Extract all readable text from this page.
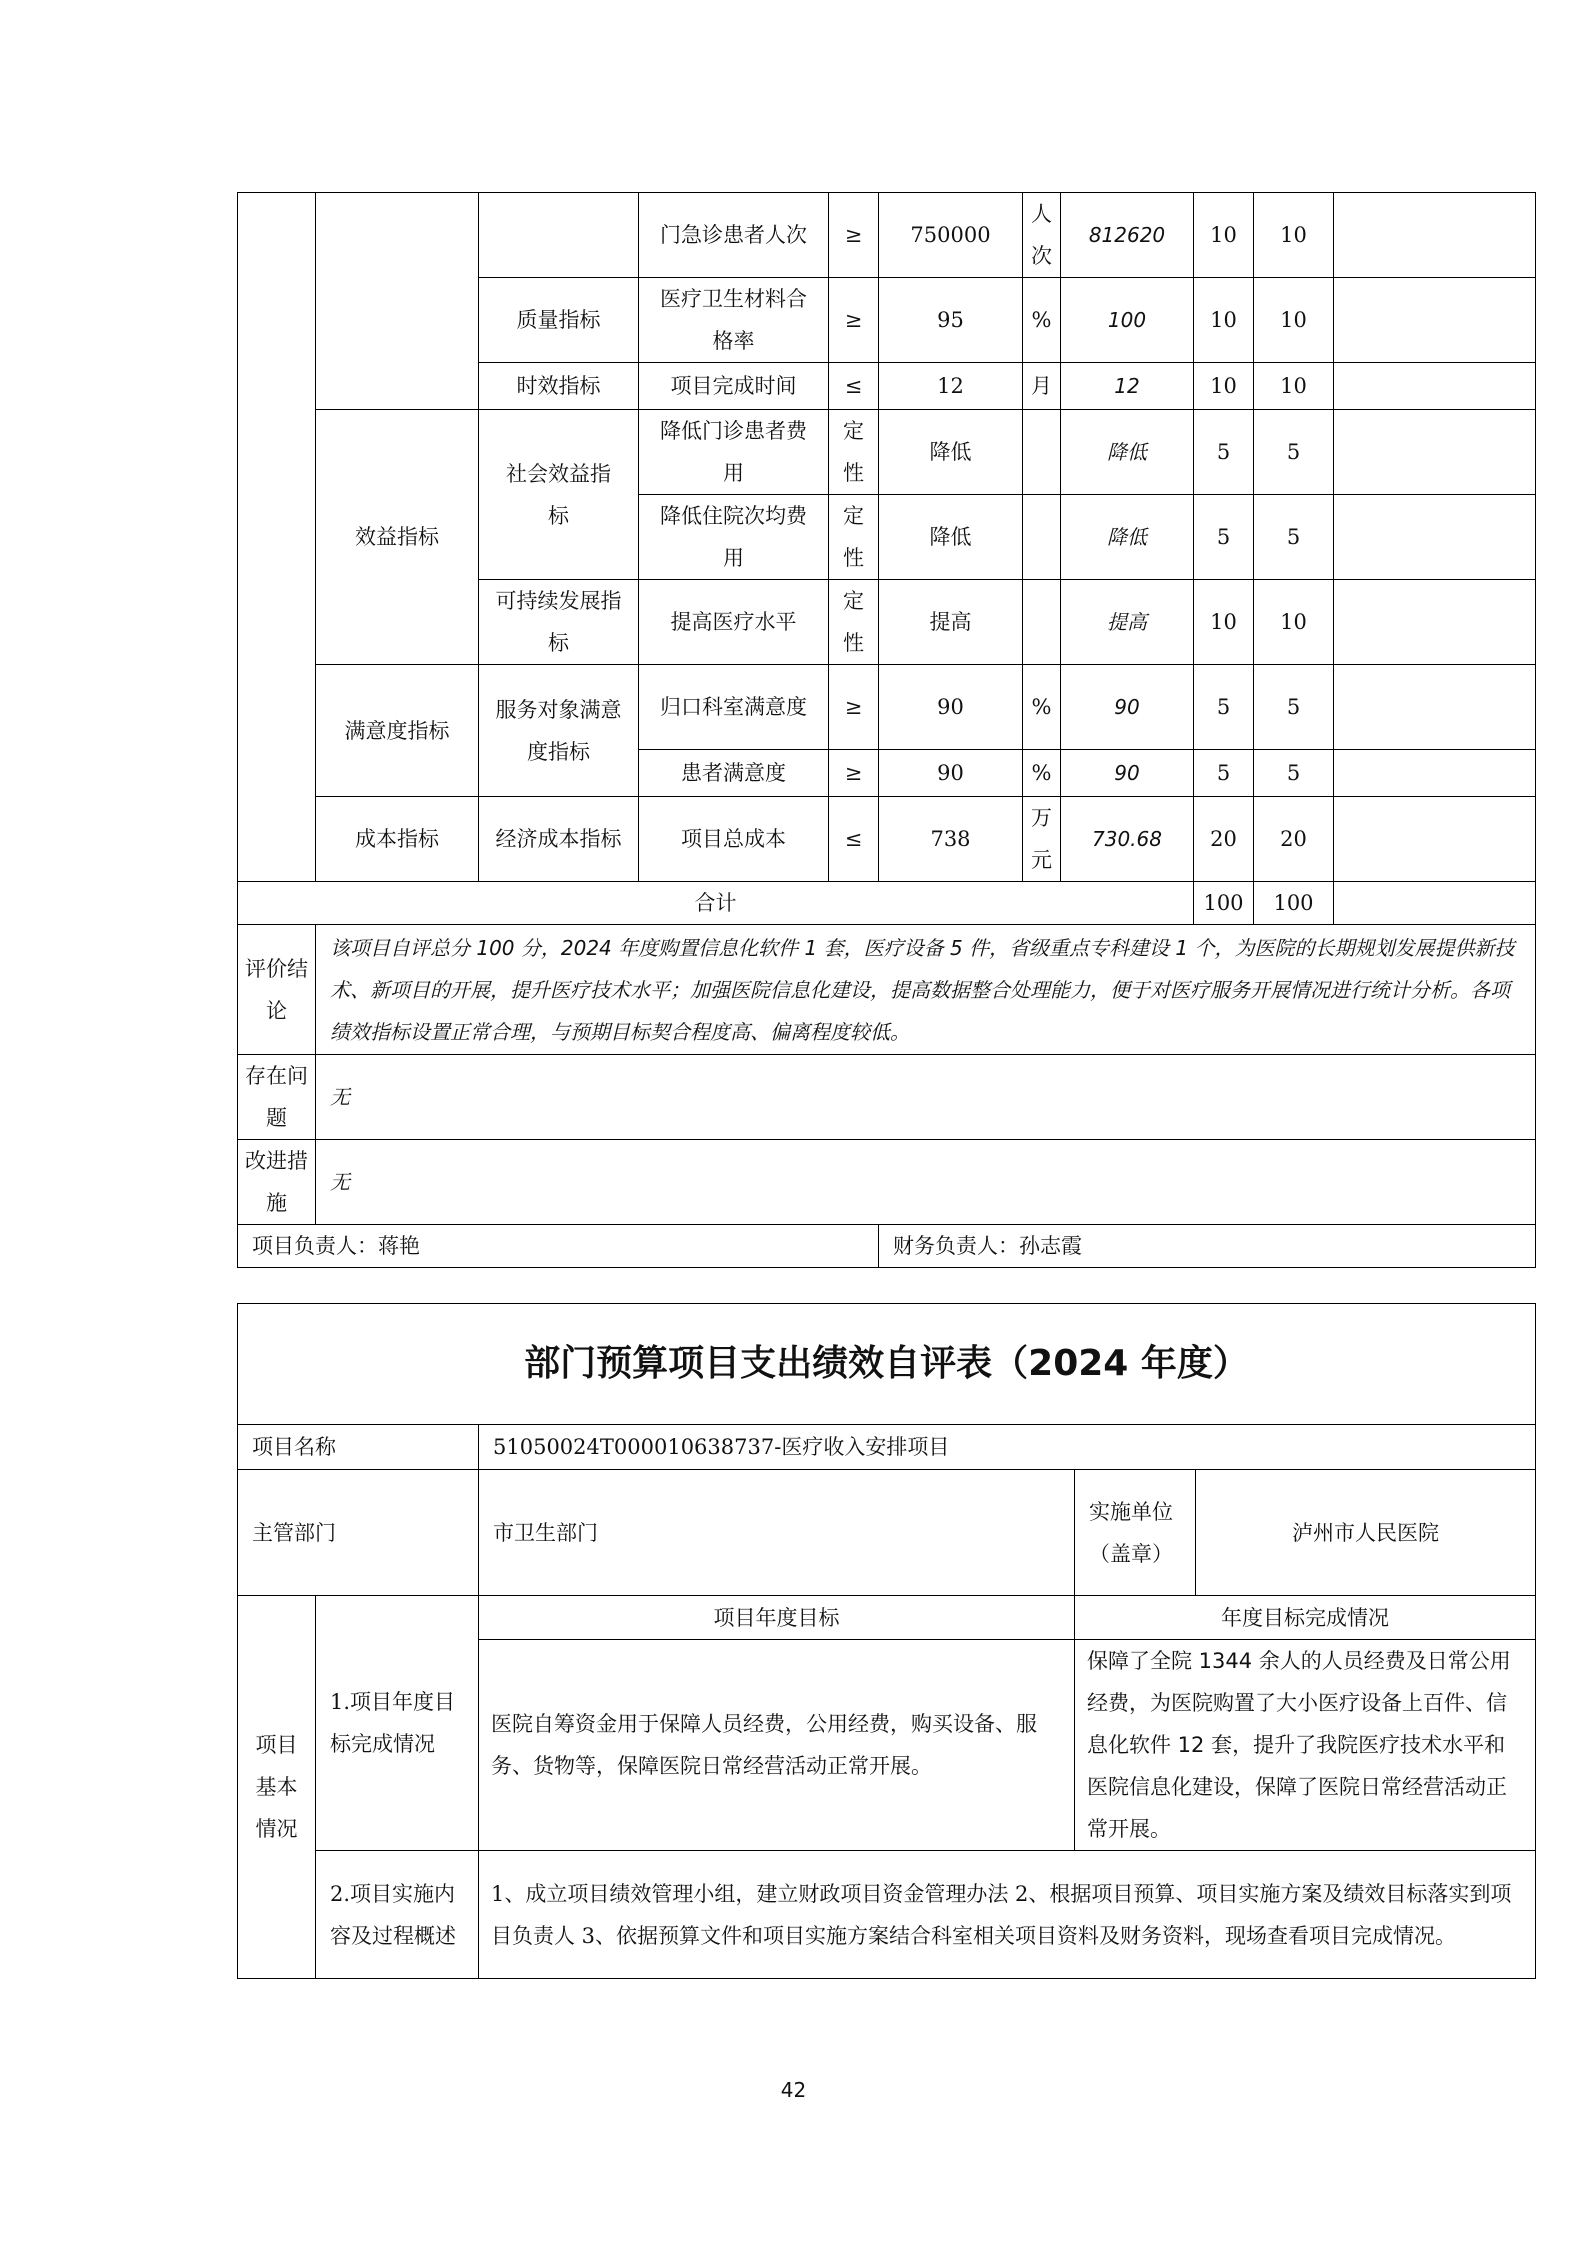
			门急诊患者人次	≥	750000	人次	812620	10	10	
		质量指标	医疗卫生材料合格率	≥	95	%	100	10	10	
		时效指标	项目完成时间	≤	12	月	12	10	10	
	效益指标	社会效益指标	降低门诊患者费用	定性	降低		降低	5	5	
			降低住院次均费用	定性	降低		降低	5	5	
		可持续发展指标	提高医疗水平	定性	提高		提高	10	10	
	满意度指标	服务对象满意度指标	归口科室满意度	≥	90	%	90	5	5	
			患者满意度	≥	90	%	90	5	5	
	成本指标	经济成本指标	项目总成本	≤	738	万元	730.68	20	20	
合计								100	100	
评价结论	该项目自评总分 100 分，2024 年度购置信息化软件 1 套，医疗设备 5 件，省级重点专科建设 1 个，为医院的长期规划发展提供新技术、新项目的开展，提升医疗技术水平；加强医院信息化建设，提高数据整合处理能力，便于对医疗服务开展情况进行统计分析。各项绩效指标设置正常合理，与预期目标契合程度高、偏离程度较低。									
存在问题	无									
改进措施	无									
项目负责人：蒋艳					财务负责人：孙志霞					
部门预算项目支出绩效自评表（2024 年度）				
项目名称		51050024T000010638737-医疗收入安排项目		
主管部门		市卫生部门	实施单位（盖章）	泸州市人民医院
项目基本情况	1.项目年度目标完成情况	项目年度目标	年度目标完成情况	
		医院自筹资金用于保障人员经费，公用经费，购买设备、服务、货物等，保障医院日常经营活动正常开展。	保障了全院 1344 余人的人员经费及日常公用经费，为医院购置了大小医疗设备上百件、信息化软件 12 套，提升了我院医疗技术水平和医院信息化建设，保障了医院日常经营活动正常开展。	
	2.项目实施内容及过程概述	1、成立项目绩效管理小组，建立财政项目资金管理办法 2、根据项目预算、项目实施方案及绩效目标落实到项目负责人 3、依据预算文件和项目实施方案结合科室相关项目资料及财务资料，现场查看项目完成情况。		
42
